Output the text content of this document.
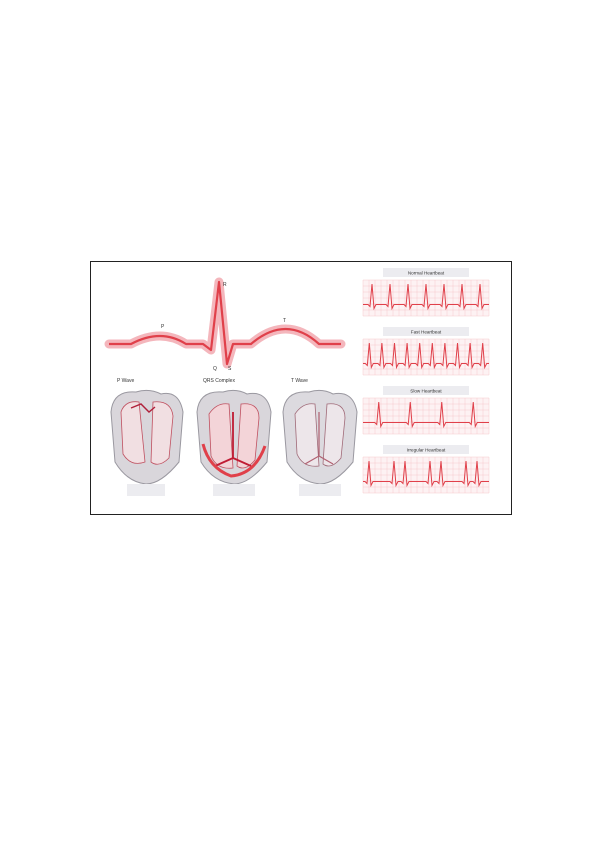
P
R
Q S
T
P Wave	QRS Complex	T Wave
Normal Heartbeat
Fast Heartbeat
Slow Heartbeat
Irregular Heartbeat
